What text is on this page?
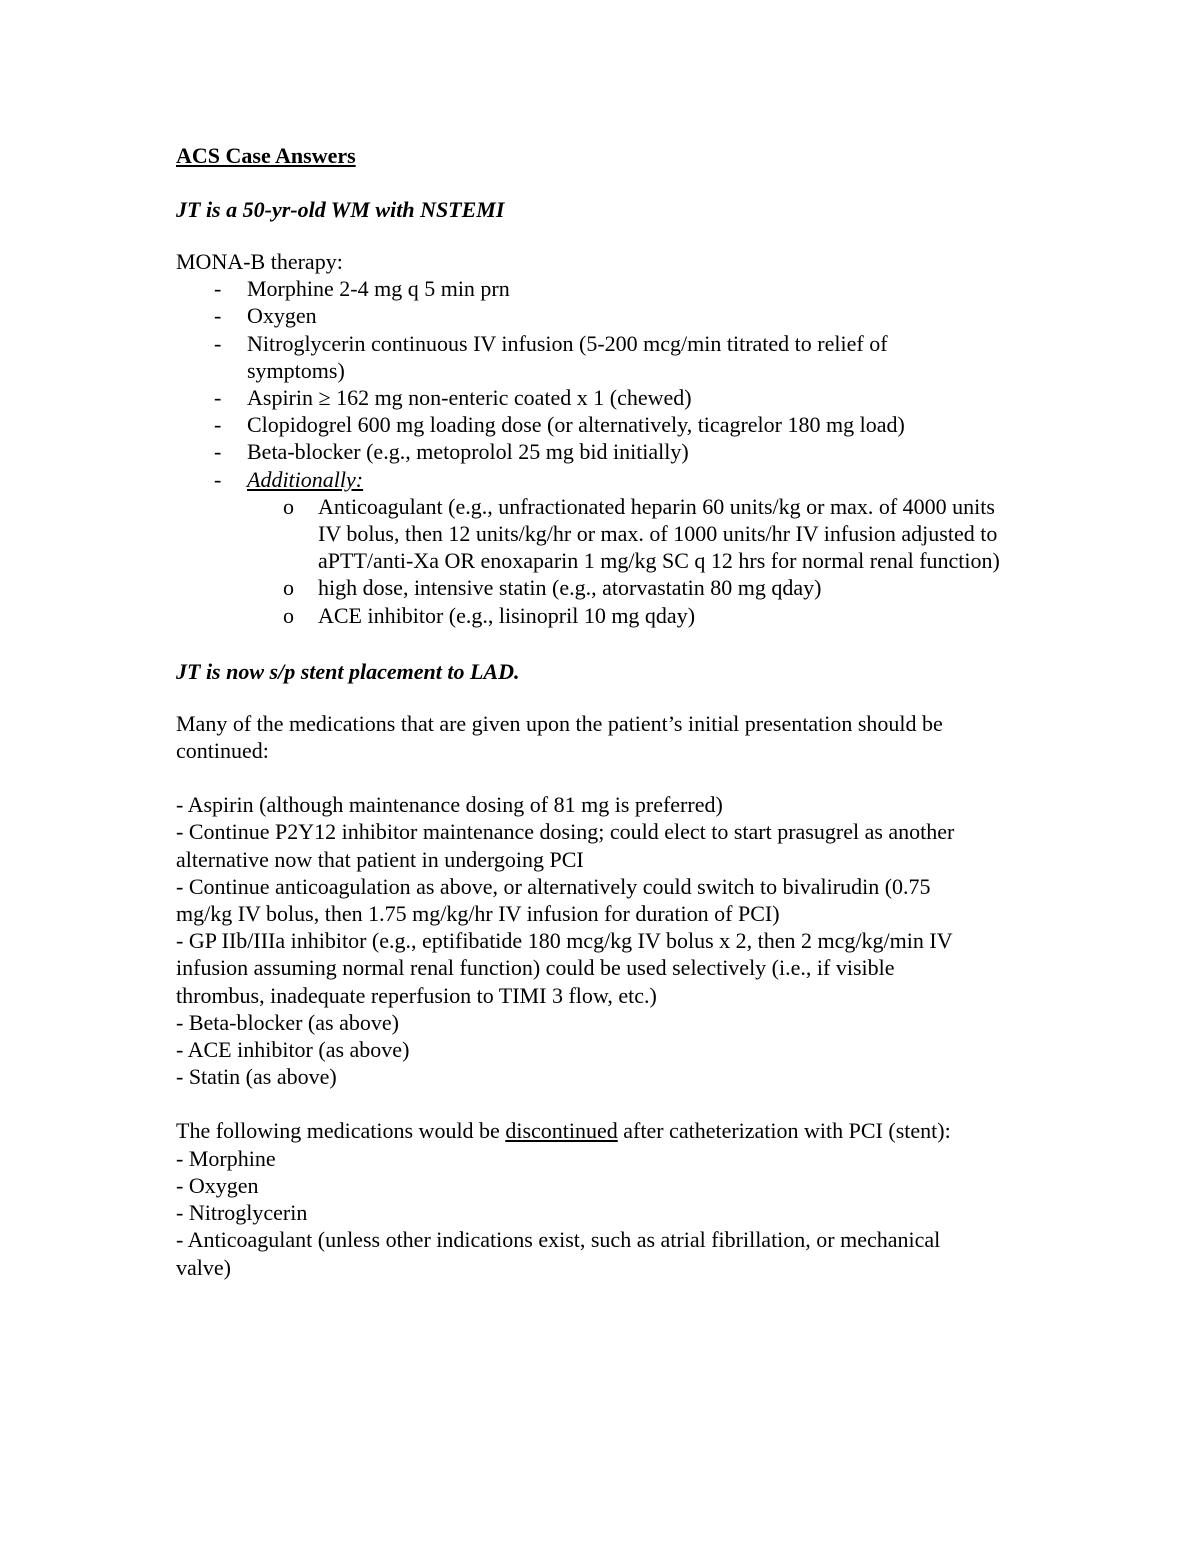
ACS Case Answers
JT is a 50-yr-old WM with NSTEMI
MONA-B therapy:
- Morphine 2-4 mg q 5 min prn
- Oxygen
- Nitroglycerin continuous IV infusion (5-200 mcg/min titrated to relief of symptoms)
- Aspirin ≥ 162 mg non-enteric coated x 1 (chewed)
- Clopidogrel 600 mg loading dose (or alternatively, ticagrelor 180 mg load)
- Beta-blocker (e.g., metoprolol 25 mg bid initially)
- Additionally:
o Anticoagulant (e.g., unfractionated heparin 60 units/kg or max. of 4000 units IV bolus, then 12 units/kg/hr or max. of 1000 units/hr IV infusion adjusted to aPTT/anti-Xa OR enoxaparin 1 mg/kg SC q 12 hrs for normal renal function)
o high dose, intensive statin (e.g., atorvastatin 80 mg qday)
o ACE inhibitor (e.g., lisinopril 10 mg qday)
JT is now s/p stent placement to LAD.
Many of the medications that are given upon the patient’s initial presentation should be
continued:
- Aspirin (although maintenance dosing of 81 mg is preferred)
- Continue P2Y12 inhibitor maintenance dosing; could elect to start prasugrel as another
alternative now that patient in undergoing PCI
- Continue anticoagulation as above, or alternatively could switch to bivalirudin (0.75
mg/kg IV bolus, then 1.75 mg/kg/hr IV infusion for duration of PCI)
- GP IIb/IIIa inhibitor (e.g., eptifibatide 180 mcg/kg IV bolus x 2, then 2 mcg/kg/min IV
infusion assuming normal renal function) could be used selectively (i.e., if visible
thrombus, inadequate reperfusion to TIMI 3 flow, etc.)
- Beta-blocker (as above)
- ACE inhibitor (as above)
- Statin (as above)
The following medications would be discontinued after catheterization with PCI (stent):
- Morphine
- Oxygen
- Nitroglycerin
- Anticoagulant (unless other indications exist, such as atrial fibrillation, or mechanical
valve)
